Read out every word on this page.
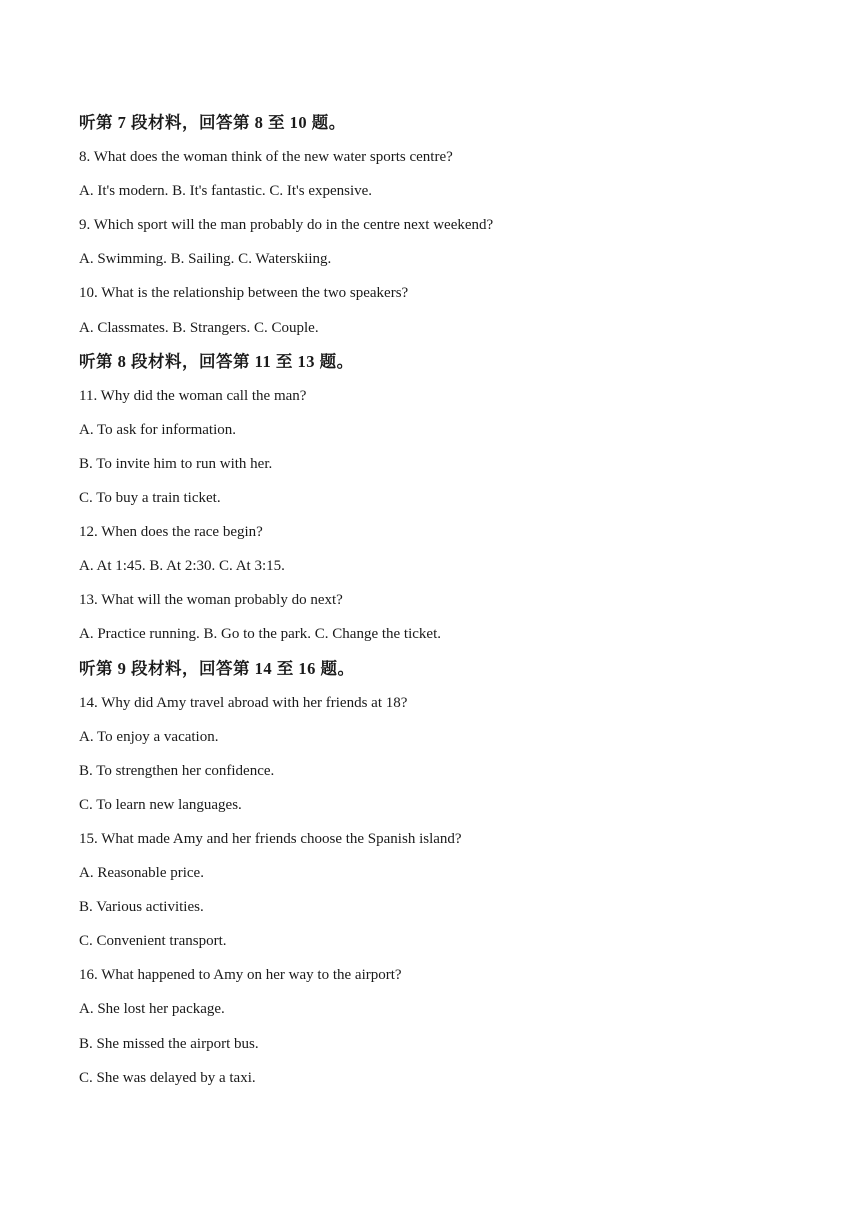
听第 7 段材料，回答第 8 至 10 题。
8. What does the woman think of the new water sports centre?
A. It's modern. B. It's fantastic. C. It's expensive.
9. Which sport will the man probably do in the centre next weekend?
A. Swimming. B. Sailing. C. Waterskiing.
10. What is the relationship between the two speakers?
A. Classmates. B. Strangers. C. Couple.
听第 8 段材料，回答第 11 至 13 题。
11. Why did the woman call the man?
A. To ask for information.
B. To invite him to run with her.
C. To buy a train ticket.
12. When does the race begin?
A. At 1:45. B. At 2:30. C. At 3:15.
13. What will the woman probably do next?
A. Practice running. B. Go to the park. C. Change the ticket.
听第 9 段材料，回答第 14 至 16 题。
14. Why did Amy travel abroad with her friends at 18?
A. To enjoy a vacation.
B. To strengthen her confidence.
C. To learn new languages.
15. What made Amy and her friends choose the Spanish island?
A. Reasonable price.
B. Various activities.
C. Convenient transport.
16. What happened to Amy on her way to the airport?
A. She lost her package.
B. She missed the airport bus.
C. She was delayed by a taxi.
